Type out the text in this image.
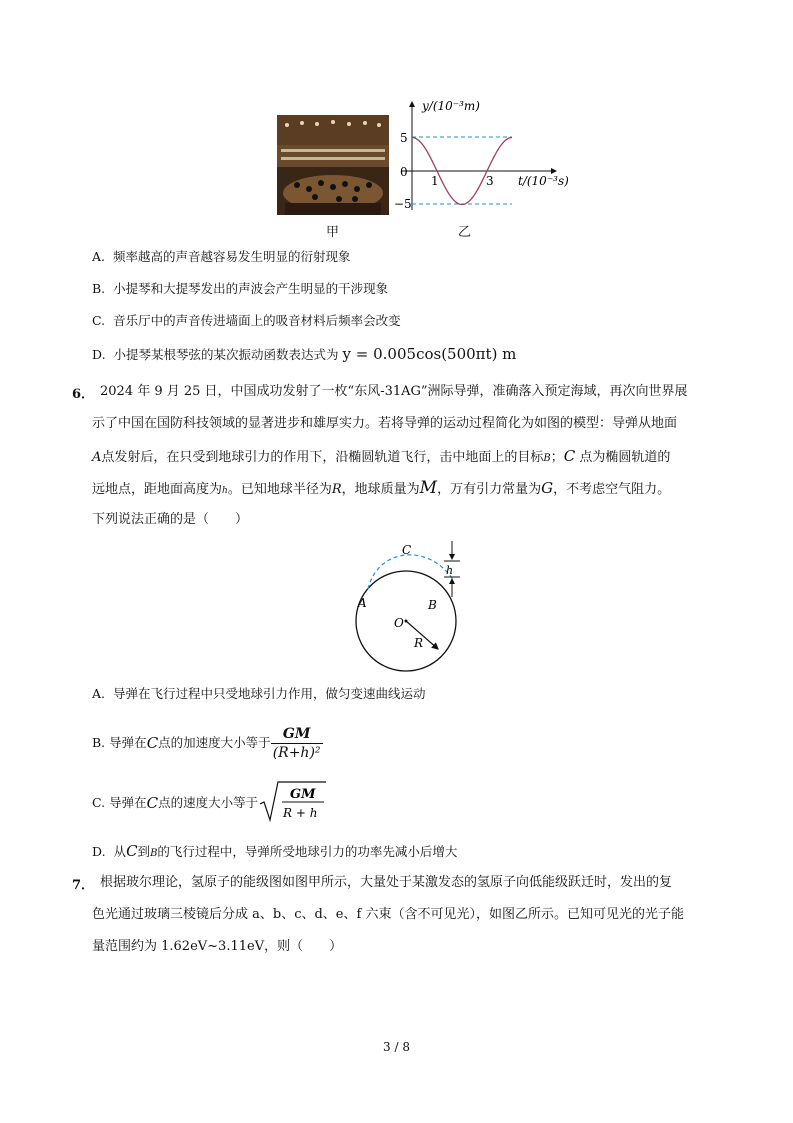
甲
y/(10⁻³m)
t/(10⁻³s)
5
0
−5
1	3
乙
A. 频率越高的声音越容易发生明显的衍射现象
B. 小提琴和大提琴发出的声波会产生明显的干涉现象
C. 音乐厅中的声音传进墙面上的吸音材料后频率会改变
D. 小提琴某根琴弦的某次振动函数表达式为 y = 0.005cos(500πt) m
6． 2024 年 9 月 25 日，中国成功发射了一枚“东风-31AG”洲际导弹，准确落入预定海域，再次向世界展
示了中国在国防科技领域的显著进步和雄厚实力。若将导弹的运动过程简化为如图的模型：导弹从地面
A点发射后，在只受到地球引力的作用下，沿椭圆轨道飞行，击中地面上的目标B；C 点为椭圆轨道的
远地点，距地面高度为h。已知地球半径为R，地球质量为M，万有引力常量为G，不考虑空气阻力。
下列说法正确的是（　　）
C
h
A	B
O
R
A. 导弹在飞行过程中只受地球引力作用，做匀变速曲线运动
B. 导弹在 C 点的加速度大小等于 $\frac{GM}{\text{(R+h)²}}$
C. 导弹在 C 点的速度大小等于
GM
R + h
D. 从C到B的飞行过程中，导弹所受地球引力的功率先减小后增大
7． 根据玻尔理论，氢原子的能级图如图甲所示，大量处于某激发态的氢原子向低能级跃迁时，发出的复
色光通过玻璃三棱镜后分成 a、b、c、d、e、f 六束（含不可见光），如图乙所示。已知可见光的光子能
量范围约为 1.62eV~3.11eV，则（　　）
3 / 8
